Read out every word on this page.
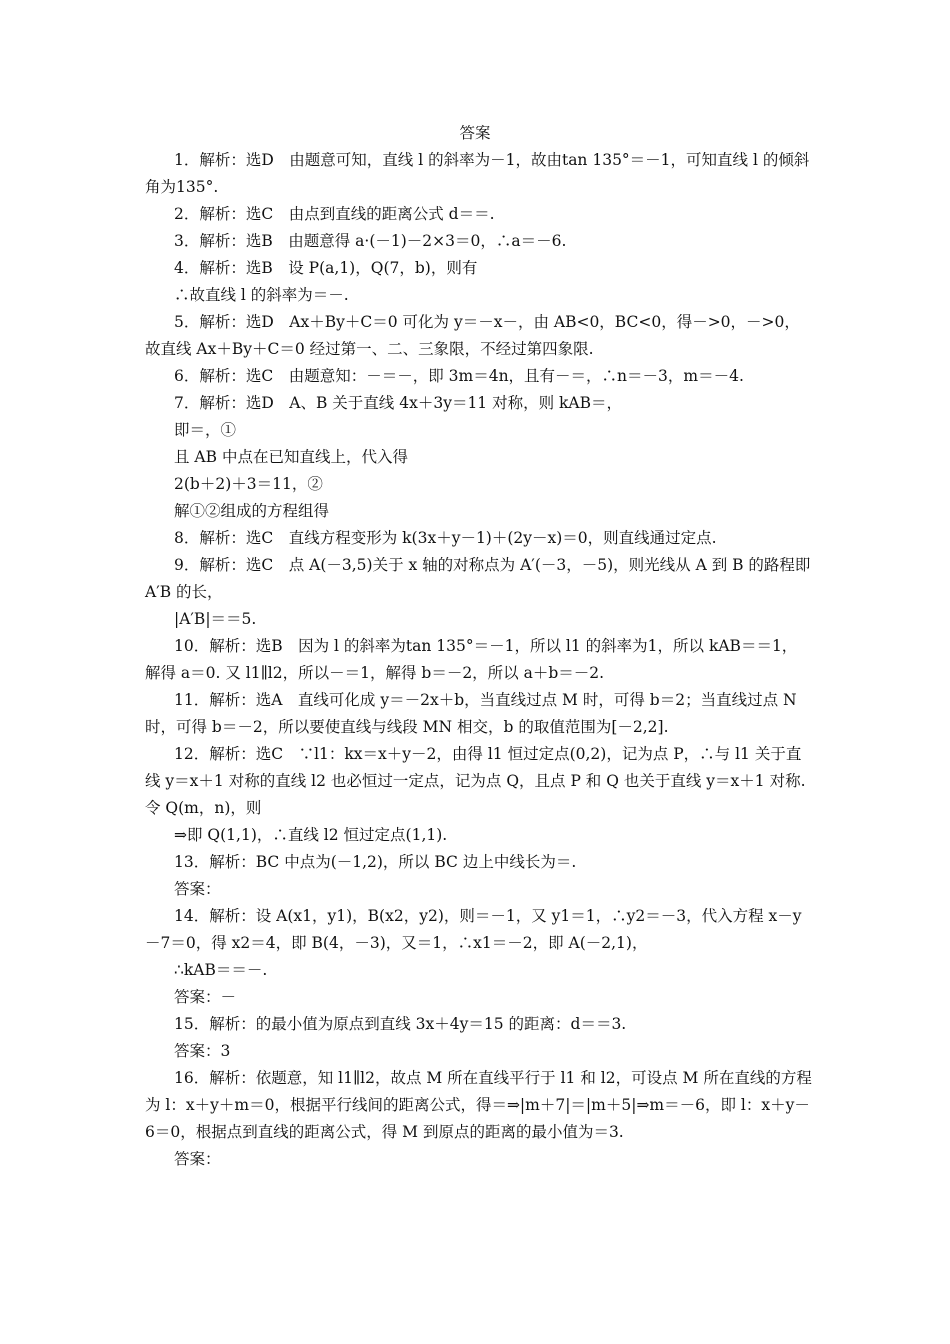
答案

1．解析：选D　由题意可知，直线 l 的斜率为－1，故由tan 135°＝－1，可知直线 l 的倾斜角为135°.

2．解析：选C　由点到直线的距离公式 d＝＝.

3．解析：选B　由题意得 a·(－1)－2×3＝0，∴a＝－6.

4．解析：选B　设 P(a,1)，Q(7，b)，则有

∴故直线 l 的斜率为＝－.

5．解析：选D　Ax＋By＋C＝0 可化为 y＝－x－，由 AB<0，BC<0，得－>0，－>0，故直线 Ax＋By＋C＝0 经过第一、二、三象限，不经过第四象限.

6．解析：选C　由题意知：－＝－，即 3m＝4n，且有－＝，∴n＝－3，m＝－4.

7．解析：选D　A、B 关于直线 4x＋3y＝11 对称，则 kAB＝，

即＝，①

且 AB 中点在已知直线上，代入得

2(b＋2)＋3＝11，②

解①②组成的方程组得

8．解析：选C　直线方程变形为 k(3x＋y－1)＋(2y－x)＝0，则直线通过定点.

9．解析：选C　点 A(－3,5)关于 x 轴的对称点为 A′(－3，－5)，则光线从 A 到 B 的路程即 A′B 的长，

|A′B|＝＝5.

10．解析：选B　因为 l 的斜率为tan 135°＝－1，所以 l1 的斜率为1，所以 kAB＝＝1，解得 a＝0. 又 l1∥l2，所以－＝1，解得 b＝－2，所以 a＋b＝－2.

11．解析：选A　直线可化成 y＝－2x＋b，当直线过点 M 时，可得 b＝2；当直线过点 N 时，可得 b＝－2，所以要使直线与线段 MN 相交，b 的取值范围为[－2,2].

12．解析：选C　∵l1：kx＝x＋y－2，由得 l1 恒过定点(0,2)，记为点 P，∴与 l1 关于直线 y＝x＋1 对称的直线 l2 也必恒过一定点，记为点 Q，且点 P 和 Q 也关于直线 y＝x＋1 对称. 令 Q(m，n)，则

⇒即 Q(1,1)，∴直线 l2 恒过定点(1,1).

13．解析：BC 中点为(－1,2)，所以 BC 边上中线长为＝.

答案：

14．解析：设 A(x1，y1)，B(x2，y2)，则＝－1，又 y1＝1，∴y2＝－3，代入方程 x－y－7＝0，得 x2＝4，即 B(4，－3)，又＝1，∴x1＝－2，即 A(－2,1)，

∴kAB＝＝－.

答案：－

15．解析：的最小值为原点到直线 3x＋4y＝15 的距离：d＝＝3.

答案：3

16．解析：依题意，知 l1∥l2，故点 M 所在直线平行于 l1 和 l2，可设点 M 所在直线的方程为 l：x＋y＋m＝0，根据平行线间的距离公式，得＝⇒|m＋7|＝|m＋5|⇒m＝－6，即 l：x＋y－6＝0，根据点到直线的距离公式，得 M 到原点的距离的最小值为＝3.

答案：
